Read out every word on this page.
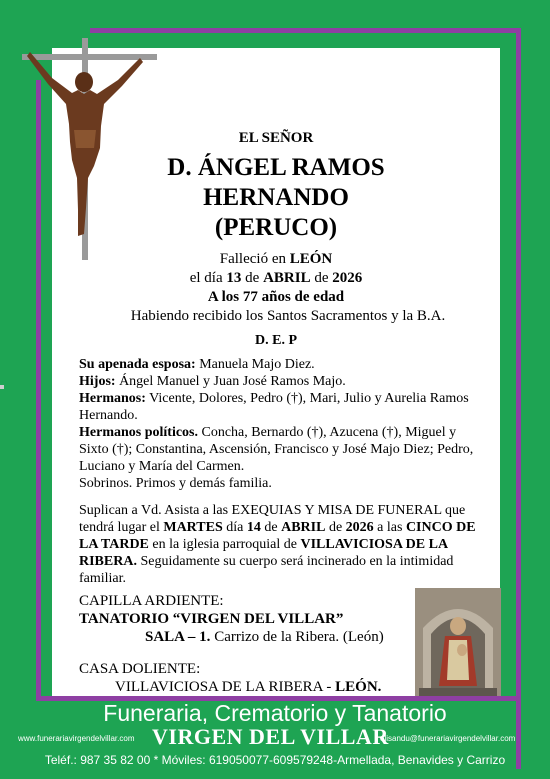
EL SEÑOR
D. ÁNGEL RAMOS
HERNANDO
(PERUCO)
Falleció en LEÓN
el día 13 de ABRIL de 2026
A los 77 años de edad
Habiendo recibido los Santos Sacramentos y la B.A.
D. E. P
Su apenada esposa: Manuela Majo Diez.
Hijos: Ángel Manuel y Juan José Ramos Majo.
Hermanos: Vicente, Dolores, Pedro (†), Mari, Julio y Aurelia Ramos Hernando.
Hermanos políticos. Concha, Bernardo (†), Azucena (†), Miguel y Sixto (†); Constantina, Ascensión, Francisco y José Majo Diez; Pedro, Luciano y María del Carmen.
Sobrinos. Primos y demás familia.
Suplican a Vd. Asista a las EXEQUIAS Y MISA DE FUNERAL que tendrá lugar el MARTES día 14 de ABRIL de 2026 a las CINCO DE LA TARDE en la iglesia parroquial de VILLAVICIOSA DE LA RIBERA. Seguidamente su cuerpo será incinerado en la intimidad familiar.
CAPILLA ARDIENTE:
TANATORIO “VIRGEN DEL VILLAR”
SALA – 1. Carrizo de la Ribera. (León)
CASA DOLIENTE:
VILLAVICIOSA DE LA RIBERA - LEÓN.
Funeraria, Crematorio y Tanatorio
www.funerariavirgendelvillar.com VIRGEN DEL VILLAR
elisandu@funerariavirgendelvillar.com
Teléf.: 987 35 82 00 * Móviles: 619050077-609579248-Armellada, Benavides y Carrizo
